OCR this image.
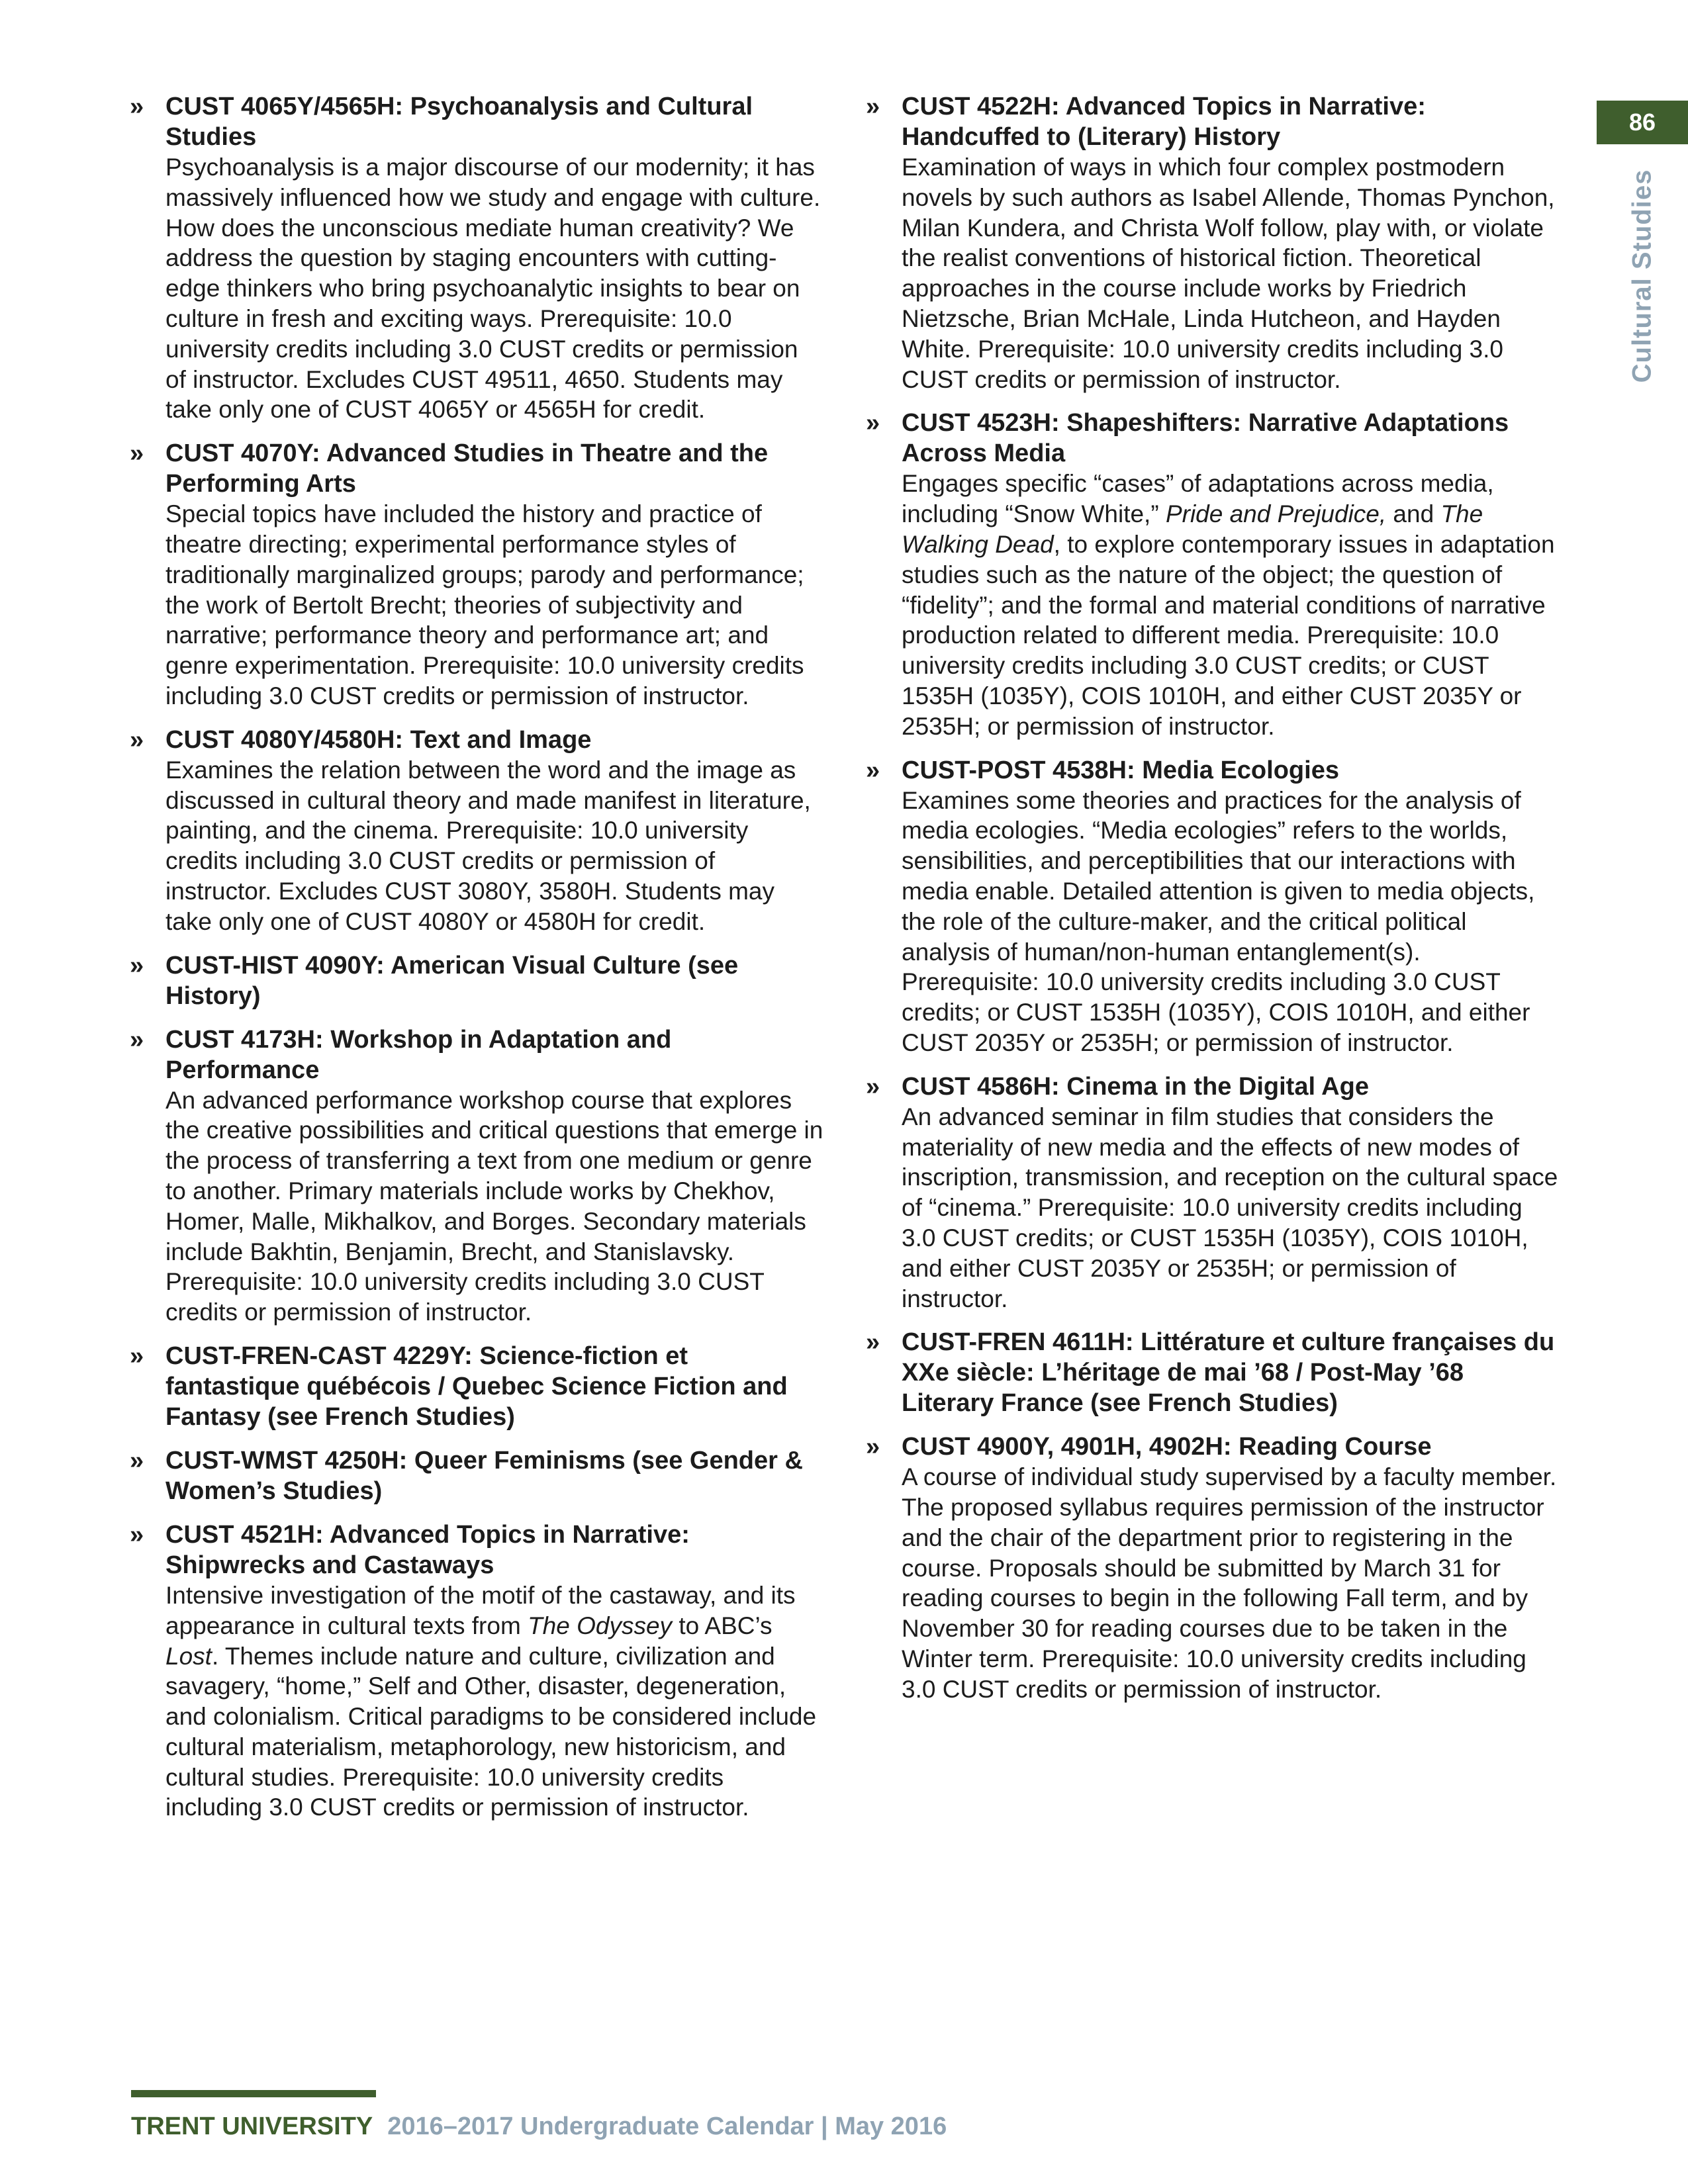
86
Cultural Studies
» CUST 4065Y/4565H: Psychoanalysis and Cultural Studies
Psychoanalysis is a major discourse of our modernity; it has massively influenced how we study and engage with culture. How does the unconscious mediate human creativity? We address the question by staging encounters with cutting-edge thinkers who bring psychoanalytic insights to bear on culture in fresh and exciting ways. Prerequisite: 10.0 university credits including 3.0 CUST credits or permission of instructor. Excludes CUST 49511, 4650. Students may take only one of CUST 4065Y or 4565H for credit.
» CUST 4070Y: Advanced Studies in Theatre and the Performing Arts
Special topics have included the history and practice of theatre directing; experimental performance styles of traditionally marginalized groups; parody and performance; the work of Bertolt Brecht; theories of subjectivity and narrative; performance theory and performance art; and genre experimentation. Prerequisite: 10.0 university credits including 3.0 CUST credits or permission of instructor.
» CUST 4080Y/4580H: Text and Image
Examines the relation between the word and the image as discussed in cultural theory and made manifest in literature, painting, and the cinema. Prerequisite: 10.0 university credits including 3.0 CUST credits or permission of instructor. Excludes CUST 3080Y, 3580H. Students may take only one of CUST 4080Y or 4580H for credit.
» CUST-HIST 4090Y: American Visual Culture (see History)
» CUST 4173H: Workshop in Adaptation and Performance
An advanced performance workshop course that explores the creative possibilities and critical questions that emerge in the process of transferring a text from one medium or genre to another. Primary materials include works by Chekhov, Homer, Malle, Mikhalkov, and Borges. Secondary materials include Bakhtin, Benjamin, Brecht, and Stanislavsky. Prerequisite: 10.0 university credits including 3.0 CUST credits or permission of instructor.
» CUST-FREN-CAST 4229Y: Science-fiction et fantastique québécois / Quebec Science Fiction and Fantasy (see French Studies)
» CUST-WMST 4250H: Queer Feminisms (see Gender & Women’s Studies)
» CUST 4521H: Advanced Topics in Narrative: Shipwrecks and Castaways
Intensive investigation of the motif of the castaway, and its appearance in cultural texts from The Odyssey to ABC’s Lost. Themes include nature and culture, civilization and savagery, “home,” Self and Other, disaster, degeneration, and colonialism. Critical paradigms to be considered include cultural materialism, metaphorology, new historicism, and cultural studies. Prerequisite: 10.0 university credits including 3.0 CUST credits or permission of instructor.
» CUST 4522H: Advanced Topics in Narrative: Handcuffed to (Literary) History
Examination of ways in which four complex postmodern novels by such authors as Isabel Allende, Thomas Pynchon, Milan Kundera, and Christa Wolf follow, play with, or violate the realist conventions of historical fiction. Theoretical approaches in the course include works by Friedrich Nietzsche, Brian McHale, Linda Hutcheon, and Hayden White. Prerequisite: 10.0 university credits including 3.0 CUST credits or permission of instructor.
» CUST 4523H: Shapeshifters: Narrative Adaptations Across Media
Engages specific “cases” of adaptations across media, including “Snow White,” Pride and Prejudice, and The Walking Dead, to explore contemporary issues in adaptation studies such as the nature of the object; the question of “fidelity”; and the formal and material conditions of narrative production related to different media. Prerequisite: 10.0 university credits including 3.0 CUST credits; or CUST 1535H (1035Y), COIS 1010H, and either CUST 2035Y or 2535H; or permission of instructor.
» CUST-POST 4538H: Media Ecologies
Examines some theories and practices for the analysis of media ecologies. “Media ecologies” refers to the worlds, sensibilities, and perceptibilities that our interactions with media enable. Detailed attention is given to media objects, the role of the culture-maker, and the critical political analysis of human/non-human entanglement(s). Prerequisite: 10.0 university credits including 3.0 CUST credits; or CUST 1535H (1035Y), COIS 1010H, and either CUST 2035Y or 2535H; or permission of instructor.
» CUST 4586H: Cinema in the Digital Age
An advanced seminar in film studies that considers the materiality of new media and the effects of new modes of inscription, transmission, and reception on the cultural space of “cinema.” Prerequisite: 10.0 university credits including 3.0 CUST credits; or CUST 1535H (1035Y), COIS 1010H, and either CUST 2035Y or 2535H; or permission of instructor.
» CUST-FREN 4611H: Littérature et culture françaises du XXe siècle: L’héritage de mai ’68 / Post-May ’68 Literary France (see French Studies)
» CUST 4900Y, 4901H, 4902H: Reading Course
A course of individual study supervised by a faculty member. The proposed syllabus requires permission of the instructor and the chair of the department prior to registering in the course. Proposals should be submitted by March 31 for reading courses to begin in the following Fall term, and by November 30 for reading courses due to be taken in the Winter term. Prerequisite: 10.0 university credits including 3.0 CUST credits or permission of instructor.
TRENT UNIVERSITY 2016–2017 Undergraduate Calendar | May 2016
